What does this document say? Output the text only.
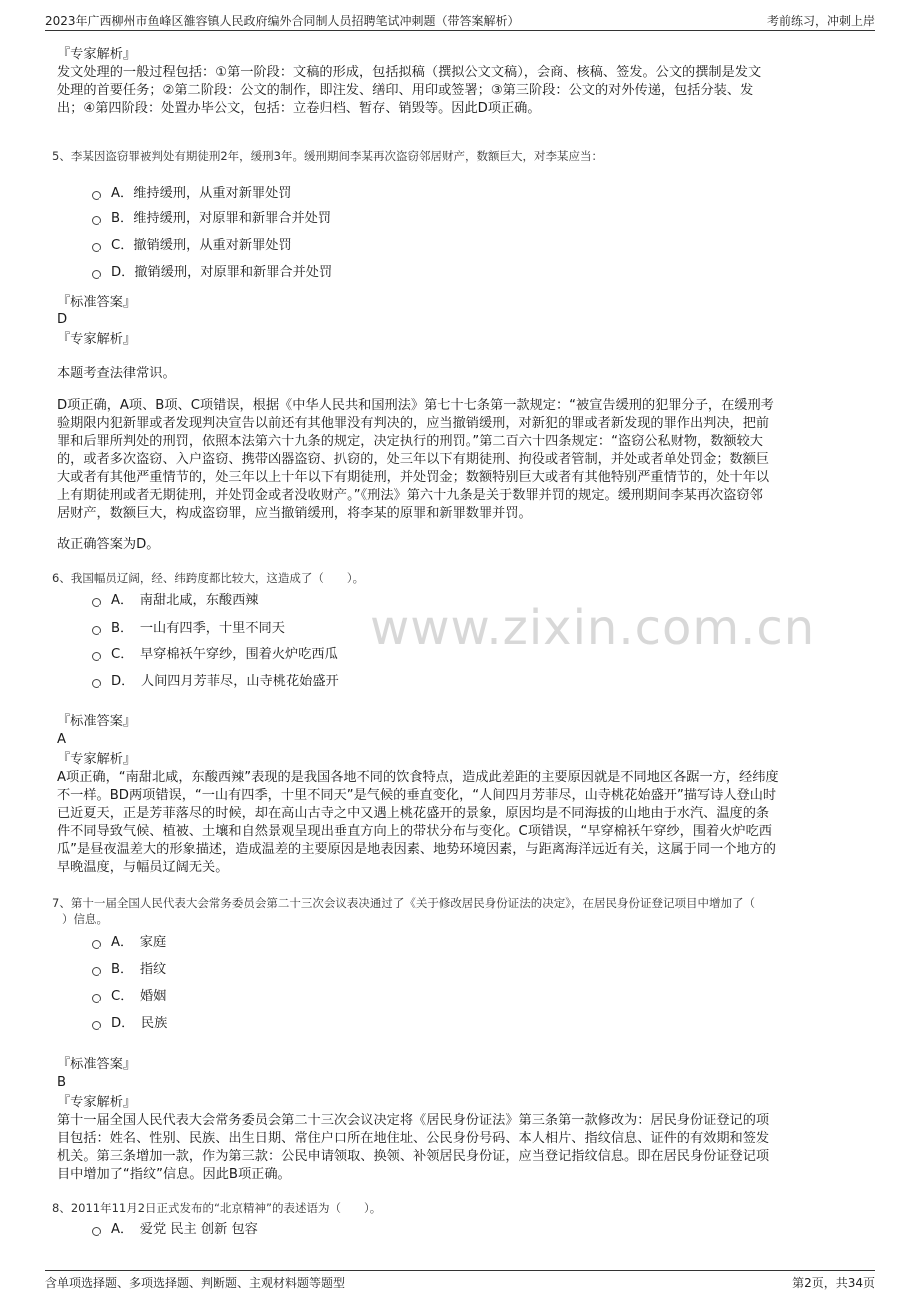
2023年广西柳州市鱼峰区雒容镇人民政府编外合同制人员招聘笔试冲刺题（带答案解析）	考前练习，冲刺上岸
www.zixin.com.cn
『专家解析』
发文处理的一般过程包括：①第一阶段：文稿的形成，包括拟稿（撰拟公文文稿），会商、核稿、签发。公文的撰制是发文
处理的首要任务；②第二阶段：公文的制作，即注发、缮印、用印或签署；③第三阶段：公文的对外传递，包括分装、发
出；④第四阶段：处置办毕公文，包括：立卷归档、暂存、销毁等。因此D项正确。
5、李某因盗窃罪被判处有期徒刑2年，缓刑3年。缓刑期间李某再次盗窃邻居财产，数额巨大，对李某应当：
A．维持缓刑，从重对新罪处罚
B．维持缓刑，对原罪和新罪合并处罚
C．撤销缓刑，从重对新罪处罚
D．撤销缓刑，对原罪和新罪合并处罚
『标准答案』
D
『专家解析』
本题考查法律常识。
D项正确，A项、B项、C项错误，根据《中华人民共和国刑法》第七十七条第一款规定：“被宣告缓刑的犯罪分子，在缓刑考
验期限内犯新罪或者发现判决宣告以前还有其他罪没有判决的，应当撤销缓刑，对新犯的罪或者新发现的罪作出判决，把前
罪和后罪所判处的刑罚，依照本法第六十九条的规定，决定执行的刑罚。”第二百六十四条规定：“盗窃公私财物，数额较大
的，或者多次盗窃、入户盗窃、携带凶器盗窃、扒窃的，处三年以下有期徒刑、拘役或者管制，并处或者单处罚金；数额巨
大或者有其他严重情节的，处三年以上十年以下有期徒刑，并处罚金；数额特别巨大或者有其他特别严重情节的，处十年以
上有期徒刑或者无期徒刑，并处罚金或者没收财产。”《刑法》第六十九条是关于数罪并罚的规定。缓刑期间李某再次盗窃邻
居财产，数额巨大，构成盗窃罪，应当撤销缓刑，将李某的原罪和新罪数罪并罚。
故正确答案为D。
6、我国幅员辽阔，经、纬跨度都比较大，这造成了（　　）。
A．　南甜北咸，东酸西辣
B．　一山有四季，十里不同天
C．　早穿棉袄午穿纱，围着火炉吃西瓜
D．　人间四月芳菲尽，山寺桃花始盛开
『标准答案』
A
『专家解析』
A项正确，“南甜北咸，东酸西辣”表现的是我国各地不同的饮食特点，造成此差距的主要原因就是不同地区各踞一方，经纬度
不一样。BD两项错误，“一山有四季，十里不同天”是气候的垂直变化，“人间四月芳菲尽，山寺桃花始盛开”描写诗人登山时
已近夏天，正是芳菲落尽的时候，却在高山古寺之中又遇上桃花盛开的景象，原因均是不同海拔的山地由于水汽、温度的条
件不同导致气候、植被、土壤和自然景观呈现出垂直方向上的带状分布与变化。C项错误，“早穿棉袄午穿纱，围着火炉吃西
瓜”是昼夜温差大的形象描述，造成温差的主要原因是地表因素、地势环境因素，与距离海洋远近有关，这属于同一个地方的
早晚温度，与幅员辽阔无关。
7、第十一届全国人民代表大会常务委员会第二十三次会议表决通过了《关于修改居民身份证法的决定》，在居民身份证登记项目中增加了（
）信息。
A．　家庭
B．　指纹
C．　婚姻
D．　民族
『标准答案』
B
『专家解析』
第十一届全国人民代表大会常务委员会第二十三次会议决定将《居民身份证法》第三条第一款修改为：居民身份证登记的项
目包括：姓名、性别、民族、出生日期、常住户口所在地住址、公民身份号码、本人相片、指纹信息、证件的有效期和签发
机关。第三条增加一款，作为第三款：公民申请领取、换领、补领居民身份证，应当登记指纹信息。即在居民身份证登记项
目中增加了“指纹”信息。因此B项正确。
8、2011年11月2日正式发布的“北京精神”的表述语为（　　）。
A．　爱党 民主 创新 包容
含单项选择题、多项选择题、判断题、主观材料题等题型	第2页，共34页
